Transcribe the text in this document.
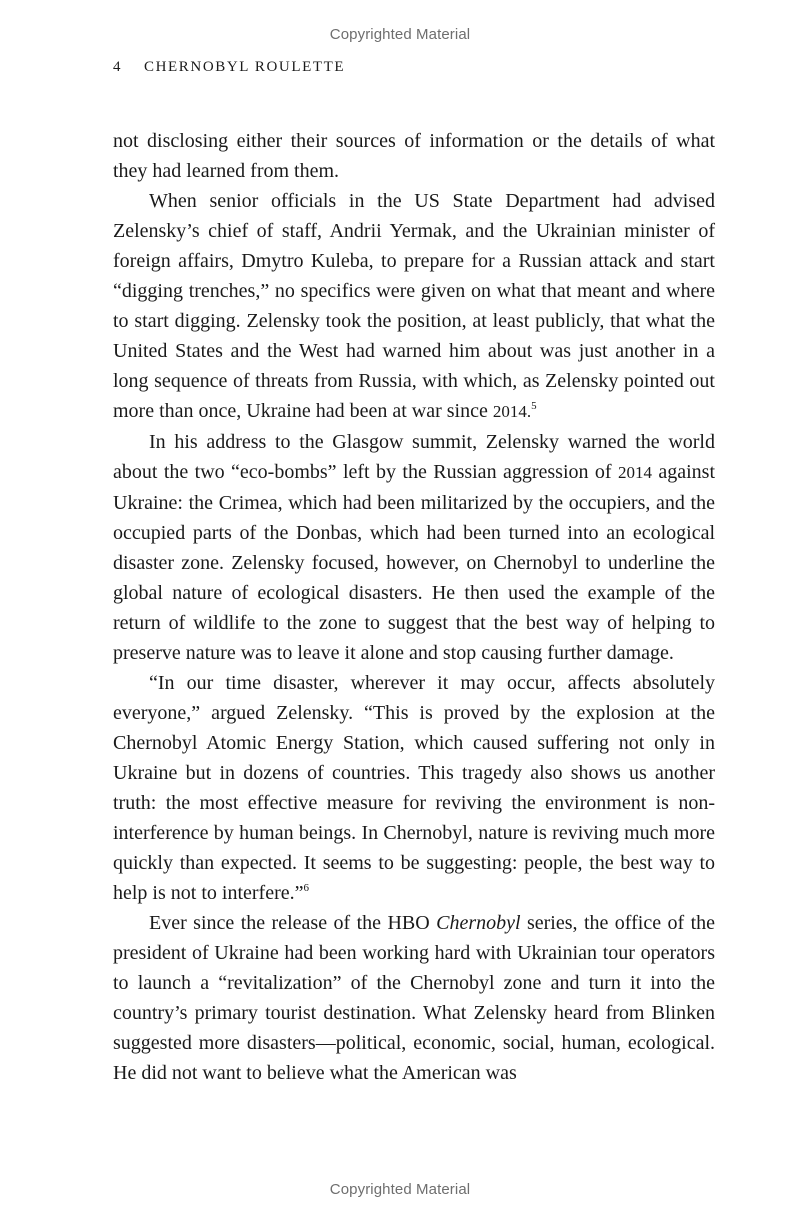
Copyrighted Material
4 CHERNOBYL ROULETTE

not disclosing either their sources of information or the details of what they had learned from them.

When senior officials in the US State Department had advised Zelensky’s chief of staff, Andrii Yermak, and the Ukrainian minister of foreign affairs, Dmytro Kuleba, to prepare for a Russian attack and start “digging trenches,” no specifics were given on what that meant and where to start digging. Zelensky took the position, at least publicly, that what the United States and the West had warned him about was just another in a long sequence of threats from Russia, with which, as Zelensky pointed out more than once, Ukraine had been at war since 2014.$^5$

In his address to the Glasgow summit, Zelensky warned the world about the two “eco-bombs” left by the Russian aggression of 2014 against Ukraine: the Crimea, which had been militarized by the occupiers, and the occupied parts of the Donbas, which had been turned into an ecological disaster zone. Zelensky focused, however, on Chernobyl to underline the global nature of ecological disasters. He then used the example of the return of wildlife to the zone to suggest that the best way of helping to preserve nature was to leave it alone and stop causing further damage.

“In our time disaster, wherever it may occur, affects absolutely everyone,” argued Zelensky. “This is proved by the explosion at the Chernobyl Atomic Energy Station, which caused suffering not only in Ukraine but in dozens of countries. This tragedy also shows us another truth: the most effective measure for reviving the environment is noninterference by human beings. In Chernobyl, nature is reviving much more quickly than expected. It seems to be suggesting: people, the best way to help is not to interfere.”$^6$

Ever since the release of the HBO Chernobyl series, the office of the president of Ukraine had been working hard with Ukrainian tour operators to launch a “revitalization” of the Chernobyl zone and turn it into the country’s primary tourist destination. What Zelensky heard from Blinken suggested more disasters—political, economic, social, human, ecological. He did not want to believe what the American was

Copyrighted Material
